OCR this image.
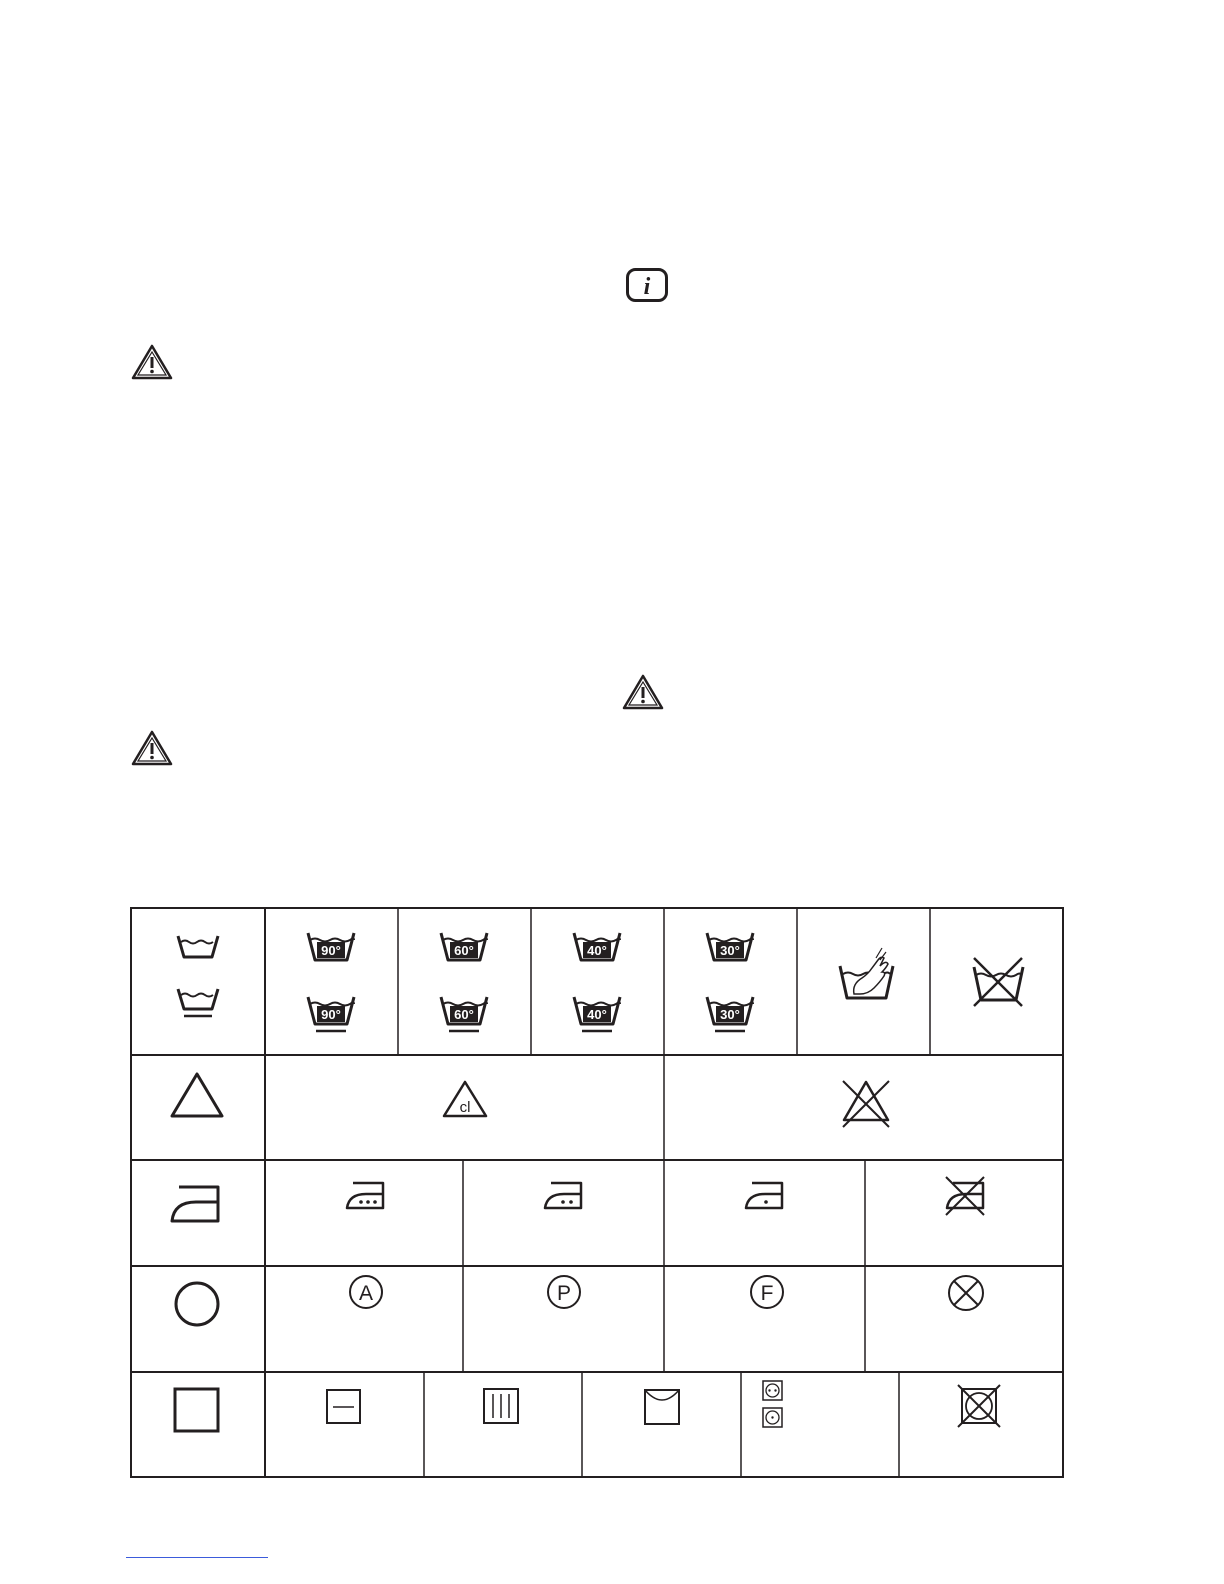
i
90°
90°
60°
60°
40°
40°
30°
30°
cl
A	P	F
